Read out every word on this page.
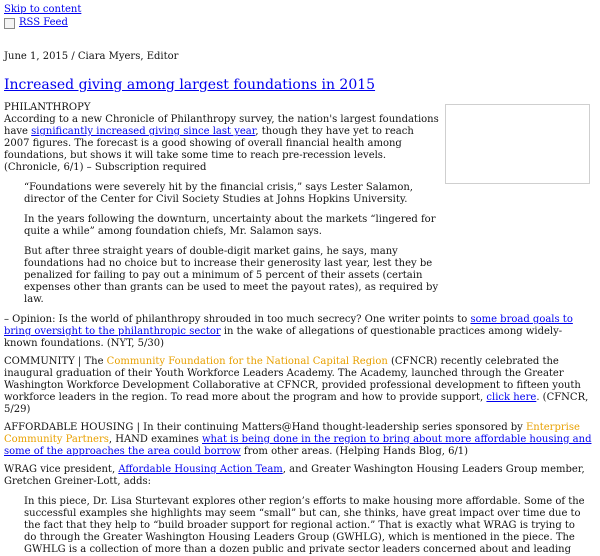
Skip to content
RSS Feed

June 1, 2015 / Ciara Myers, Editor

Increased giving among largest foundations in 2015

PHILANTHROPY

According to a new Chronicle of Philanthropy survey, the nation's largest foundations have significantly increased giving since last year, though they have yet to reach 2007 figures. The forecast is a good showing of overall financial health among foundations, but shows it will take some time to reach pre-recession levels. (Chronicle, 6/1) – Subscription required

“Foundations were severely hit by the financial crisis,” says Lester Salamon, director of the Center for Civil Society Studies at Johns Hopkins University.

In the years following the downturn, uncertainty about the markets “lingered for quite a while” among foundation chiefs, Mr. Salamon says.

But after three straight years of double-digit market gains, he says, many foundations had no choice but to increase their generosity last year, lest they be penalized for failing to pay out a minimum of 5 percent of their assets (certain expenses other than grants can be used to meet the payout rates), as required by law.

– Opinion: Is the world of philanthropy shrouded in too much secrecy? One writer points to some broad goals to bring oversight to the philanthropic sector in the wake of allegations of questionable practices among widely-known foundations. (NYT, 5/30)

COMMUNITY | The Community Foundation for the National Capital Region (CFNCR) recently celebrated the inaugural graduation of their Youth Workforce Leaders Academy. The Academy, launched through the Greater Washington Workforce Development Collaborative at CFNCR, provided professional development to fifteen youth workforce leaders in the region. To read more about the program and how to provide support, click here. (CFNCR, 5/29)

AFFORDABLE HOUSING | In their continuing Matters@Hand thought-leadership series sponsored by Enterprise Community Partners, HAND examines what is being done in the region to bring about more affordable housing and some of the approaches the area could borrow from other areas. (Helping Hands Blog, 6/1)

WRAG vice president, Affordable Housing Action Team, and Greater Washington Housing Leaders Group member, Gretchen Greiner-Lott, adds:

In this piece, Dr. Lisa Sturtevant explores other region’s efforts to make housing more affordable. Some of the successful examples she highlights may seem “small” but can, she thinks, have great impact over time due to the fact that they help to “build broader support for regional action.” That is exactly what WRAG is trying to do through the Greater Washington Housing Leaders Group (GWHLG), which is mentioned in the piece. The GWHLG is a collection of more than a dozen public and private sector leaders concerned about and leading
